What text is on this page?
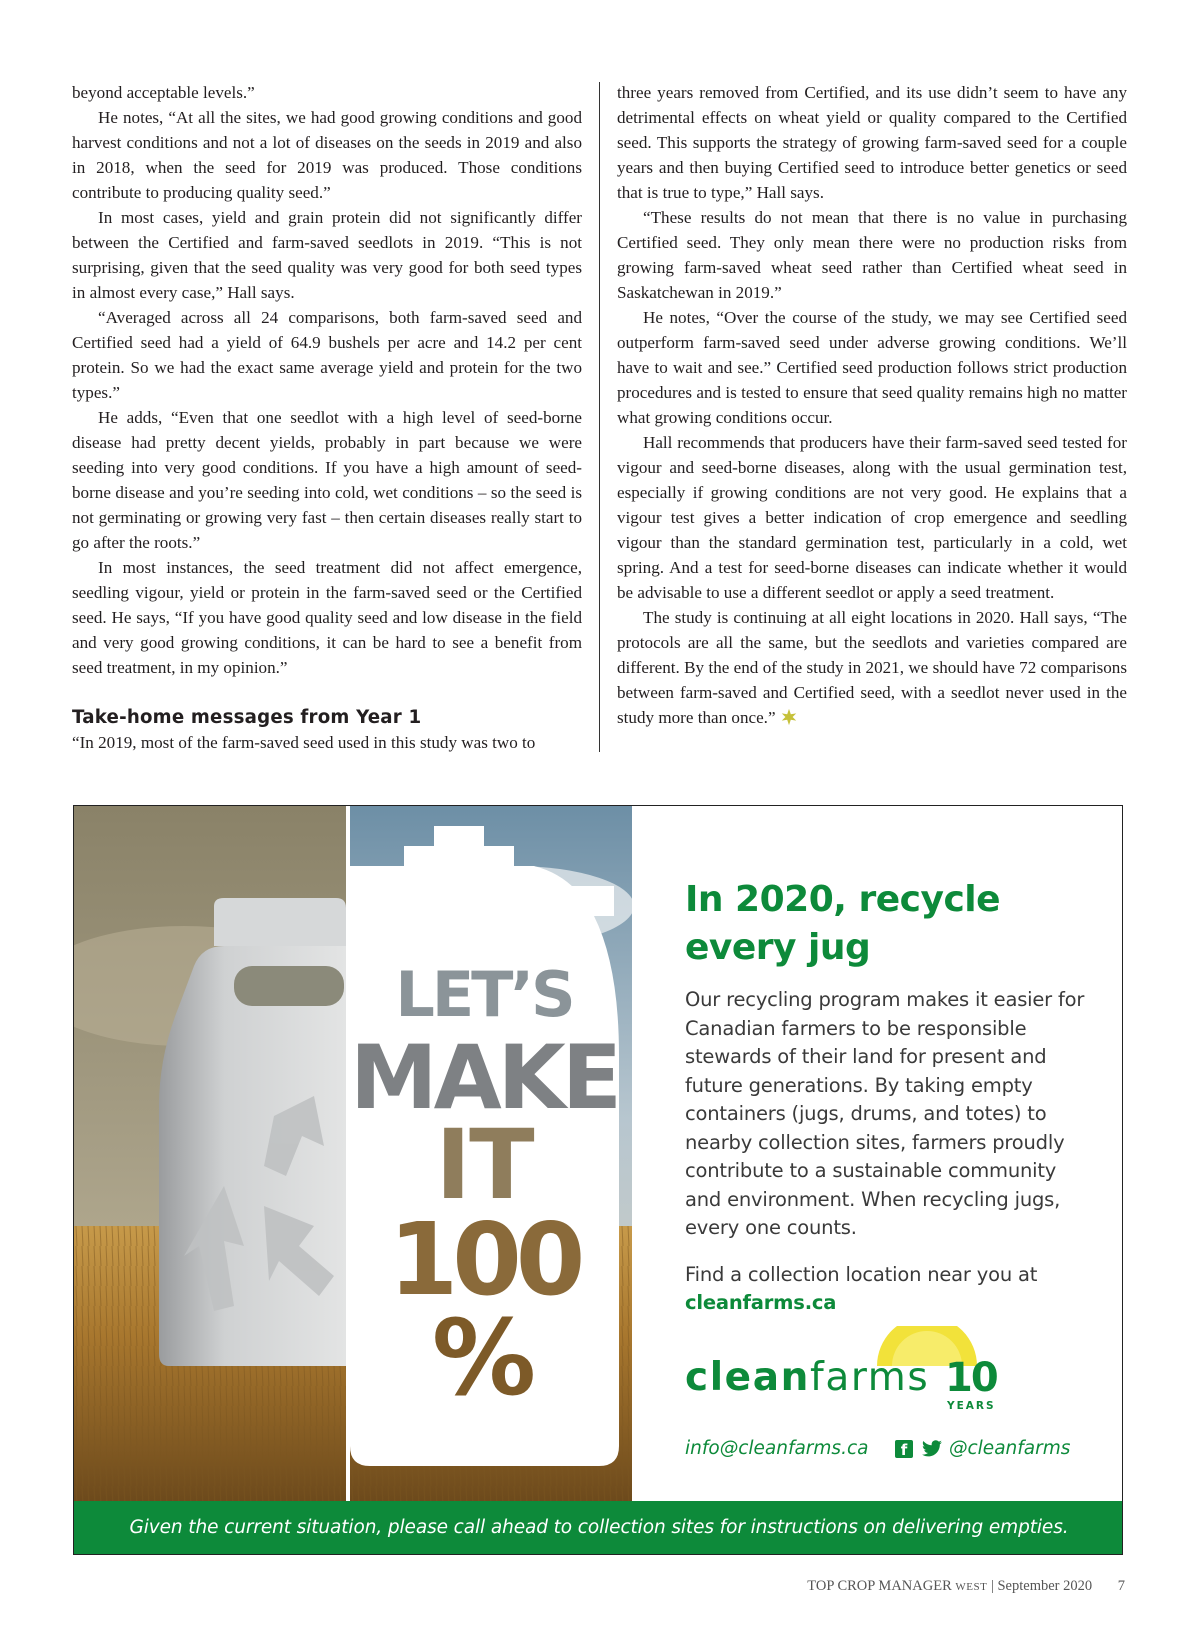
beyond acceptable levels.”

He notes, “At all the sites, we had good growing conditions and good harvest conditions and not a lot of diseases on the seeds in 2019 and also in 2018, when the seed for 2019 was produced. Those conditions contribute to producing quality seed.”

In most cases, yield and grain protein did not significantly differ between the Certified and farm-saved seedlots in 2019. “This is not surprising, given that the seed quality was very good for both seed types in almost every case,” Hall says.

“Averaged across all 24 comparisons, both farm-saved seed and Certified seed had a yield of 64.9 bushels per acre and 14.2 per cent protein. So we had the exact same average yield and protein for the two types.”

He adds, “Even that one seedlot with a high level of seed-borne disease had pretty decent yields, probably in part because we were seeding into very good conditions. If you have a high amount of seed-borne disease and you’re seeding into cold, wet conditions – so the seed is not germinating or growing very fast – then certain diseases really start to go after the roots.”

In most instances, the seed treatment did not affect emergence, seedling vigour, yield or protein in the farm-saved seed or the Certified seed. He says, “If you have good quality seed and low disease in the field and very good growing conditions, it can be hard to see a benefit from seed treatment, in my opinion.”

Take-home messages from Year 1

“In 2019, most of the farm-saved seed used in this study was two to

three years removed from Certified, and its use didn’t seem to have any detrimental effects on wheat yield or quality compared to the Certified seed. This supports the strategy of growing farm-saved seed for a couple years and then buying Certified seed to introduce better genetics or seed that is true to type,” Hall says.

“These results do not mean that there is no value in purchasing Certified seed. They only mean there were no production risks from growing farm-saved wheat seed rather than Certified wheat seed in Saskatchewan in 2019.”

He notes, “Over the course of the study, we may see Certified seed outperform farm-saved seed under adverse growing conditions. We’ll have to wait and see.” Certified seed production follows strict production procedures and is tested to ensure that seed quality remains high no matter what growing conditions occur.

Hall recommends that producers have their farm-saved seed tested for vigour and seed-borne diseases, along with the usual germination test, especially if growing conditions are not very good. He explains that a vigour test gives a better indication of crop emergence and seedling vigour than the standard germination test, particularly in a cold, wet spring. And a test for seed-borne diseases can indicate whether it would be advisable to use a different seedlot or apply a seed treatment.

The study is continuing at all eight locations in 2020. Hall says, “The protocols are all the same, but the seedlots and varieties compared are different. By the end of the study in 2021, we should have 72 comparisons between farm-saved and Certified seed, with a seedlot never used in the study more than once.”

LET’S
MAKE
IT
100
%
In 2020, recycle every jug

Our recycling program makes it easier for Canadian farmers to be responsible stewards of their land for present and future generations. By taking empty containers (jugs, drums, and totes) to nearby collection sites, farmers proudly contribute to a sustainable community and environment. When recycling jugs, every one counts.

Find a collection location near you at
cleanfarms.ca

cleanfarms 10
YEARS
info@cleanfarms.ca	f	@cleanfarms
Given the current situation, please call ahead to collection sites for instructions on delivering empties.
TOP CROP MANAGER WEST | September 2020 7
